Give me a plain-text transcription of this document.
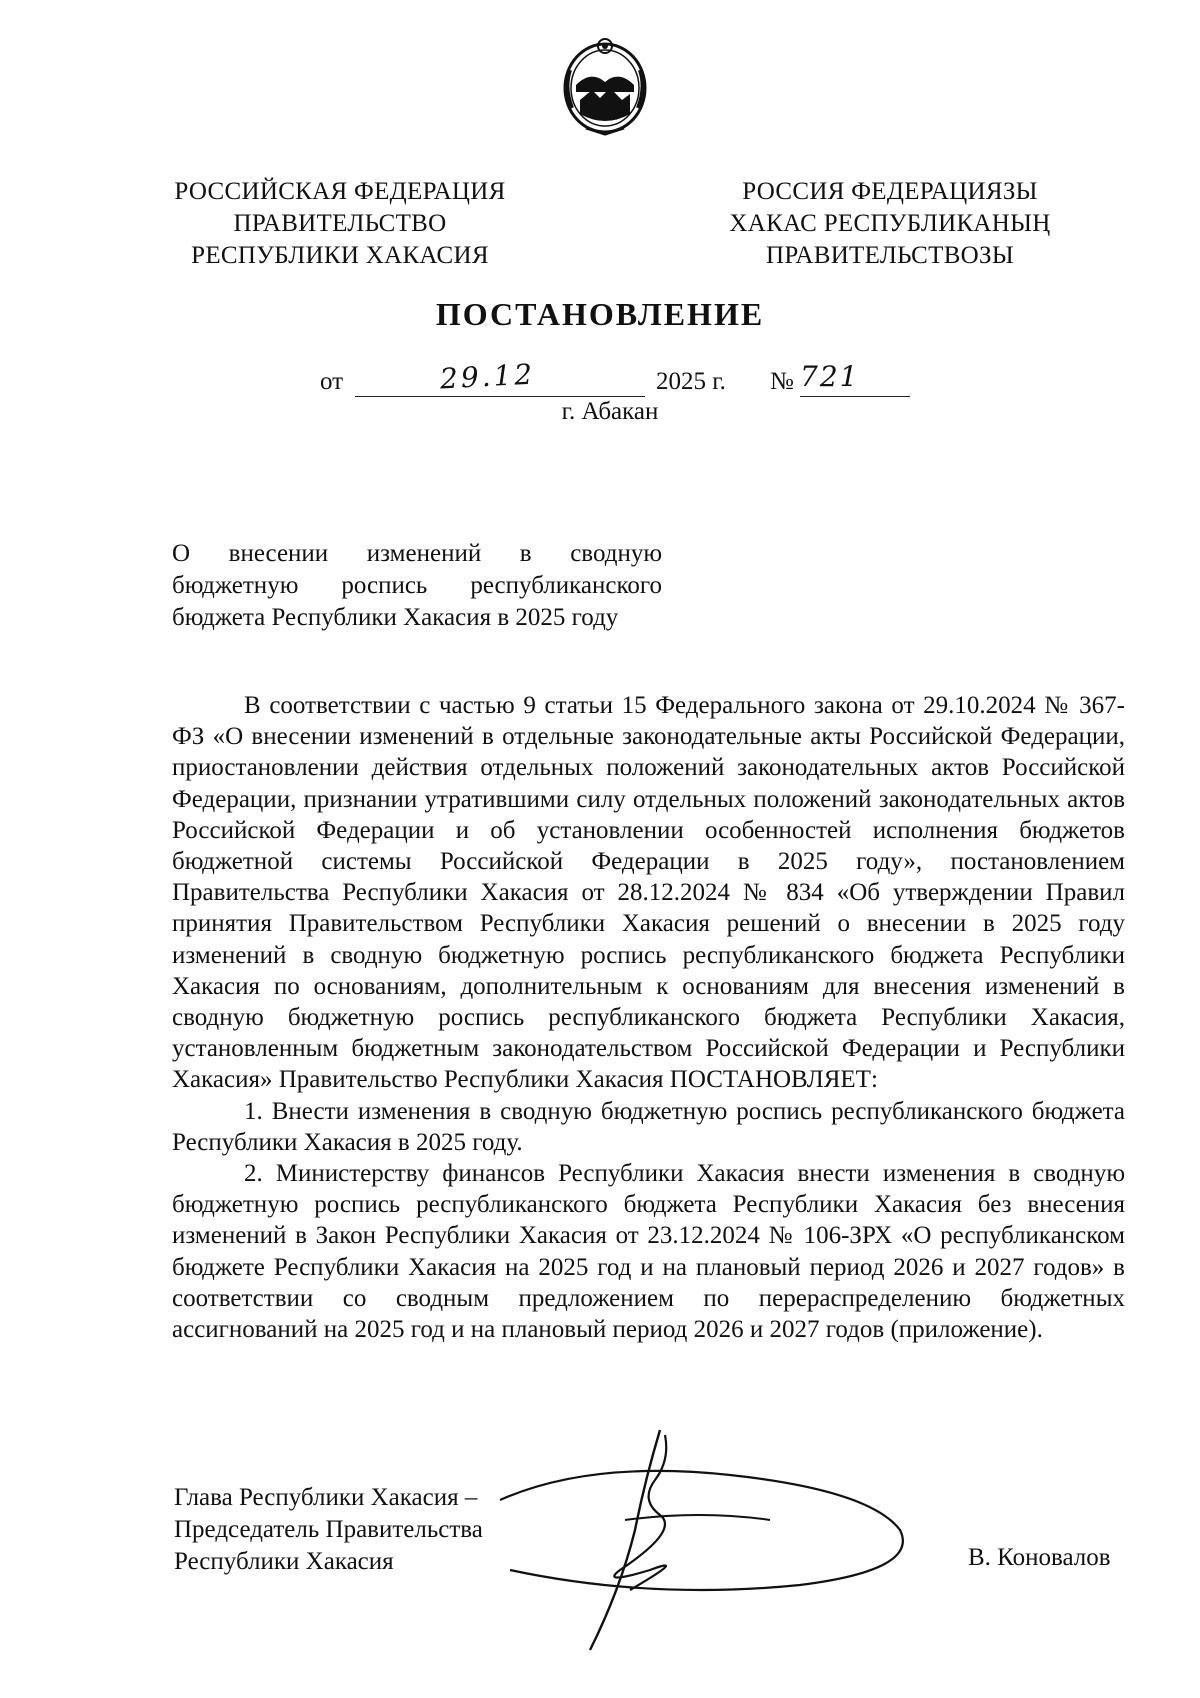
РОССИЙСКАЯ ФЕДЕРАЦИЯ
ПРАВИТЕЛЬСТВО
РЕСПУБЛИКИ ХАКАСИЯ
РОССИЯ ФЕДЕРАЦИЯЗЫ
ХАКАС РЕСПУБЛИКАНЫҢ
ПРАВИТЕЛЬСТВОЗЫ
ПОСТАНОВЛЕНИЕ
от	29.12	2025 г. № 721
г. Абакан
О внесении изменений в сводную бюджетную роспись республиканского бюджета Республики Хакасия в 2025 году

В соответствии с частью 9 статьи 15 Федерального закона от 29.10.2024 № 367-ФЗ «О внесении изменений в отдельные законодательные акты Российской Федерации, приостановлении действия отдельных положений законодательных актов Российской Федерации, признании утратившими силу отдельных положений законодательных актов Российской Федерации и об установлении особенностей исполнения бюджетов бюджетной системы Российской Федерации в 2025 году», постановлением Правительства Республики Хакасия от 28.12.2024 № 834 «Об утверждении Правил принятия Правительством Республики Хакасия решений о внесении в 2025 году изменений в сводную бюджетную роспись республиканского бюджета Республики Хакасия по основаниям, дополнительным к основаниям для внесения изменений в сводную бюджетную роспись республиканского бюджета Республики Хакасия, установленным бюджетным законодательством Российской Федерации и Республики Хакасия» Правительство Республики Хакасия ПОСТАНОВЛЯЕТ:

1. Внести изменения в сводную бюджетную роспись республиканского бюджета Республики Хакасия в 2025 году.

2. Министерству финансов Республики Хакасия внести изменения в сводную бюджетную роспись республиканского бюджета Республики Хакасия без внесения изменений в Закон Республики Хакасия от 23.12.2024 № 106-ЗРХ «О республиканском бюджете Республики Хакасия на 2025 год и на плановый период 2026 и 2027 годов» в соответствии со сводным предложением по перераспределению бюджетных ассигнований на 2025 год и на плановый период 2026 и 2027 годов (приложение).

Глава Республики Хакасия –
Председатель Правительства
Республики Хакасия	В. Коновалов
